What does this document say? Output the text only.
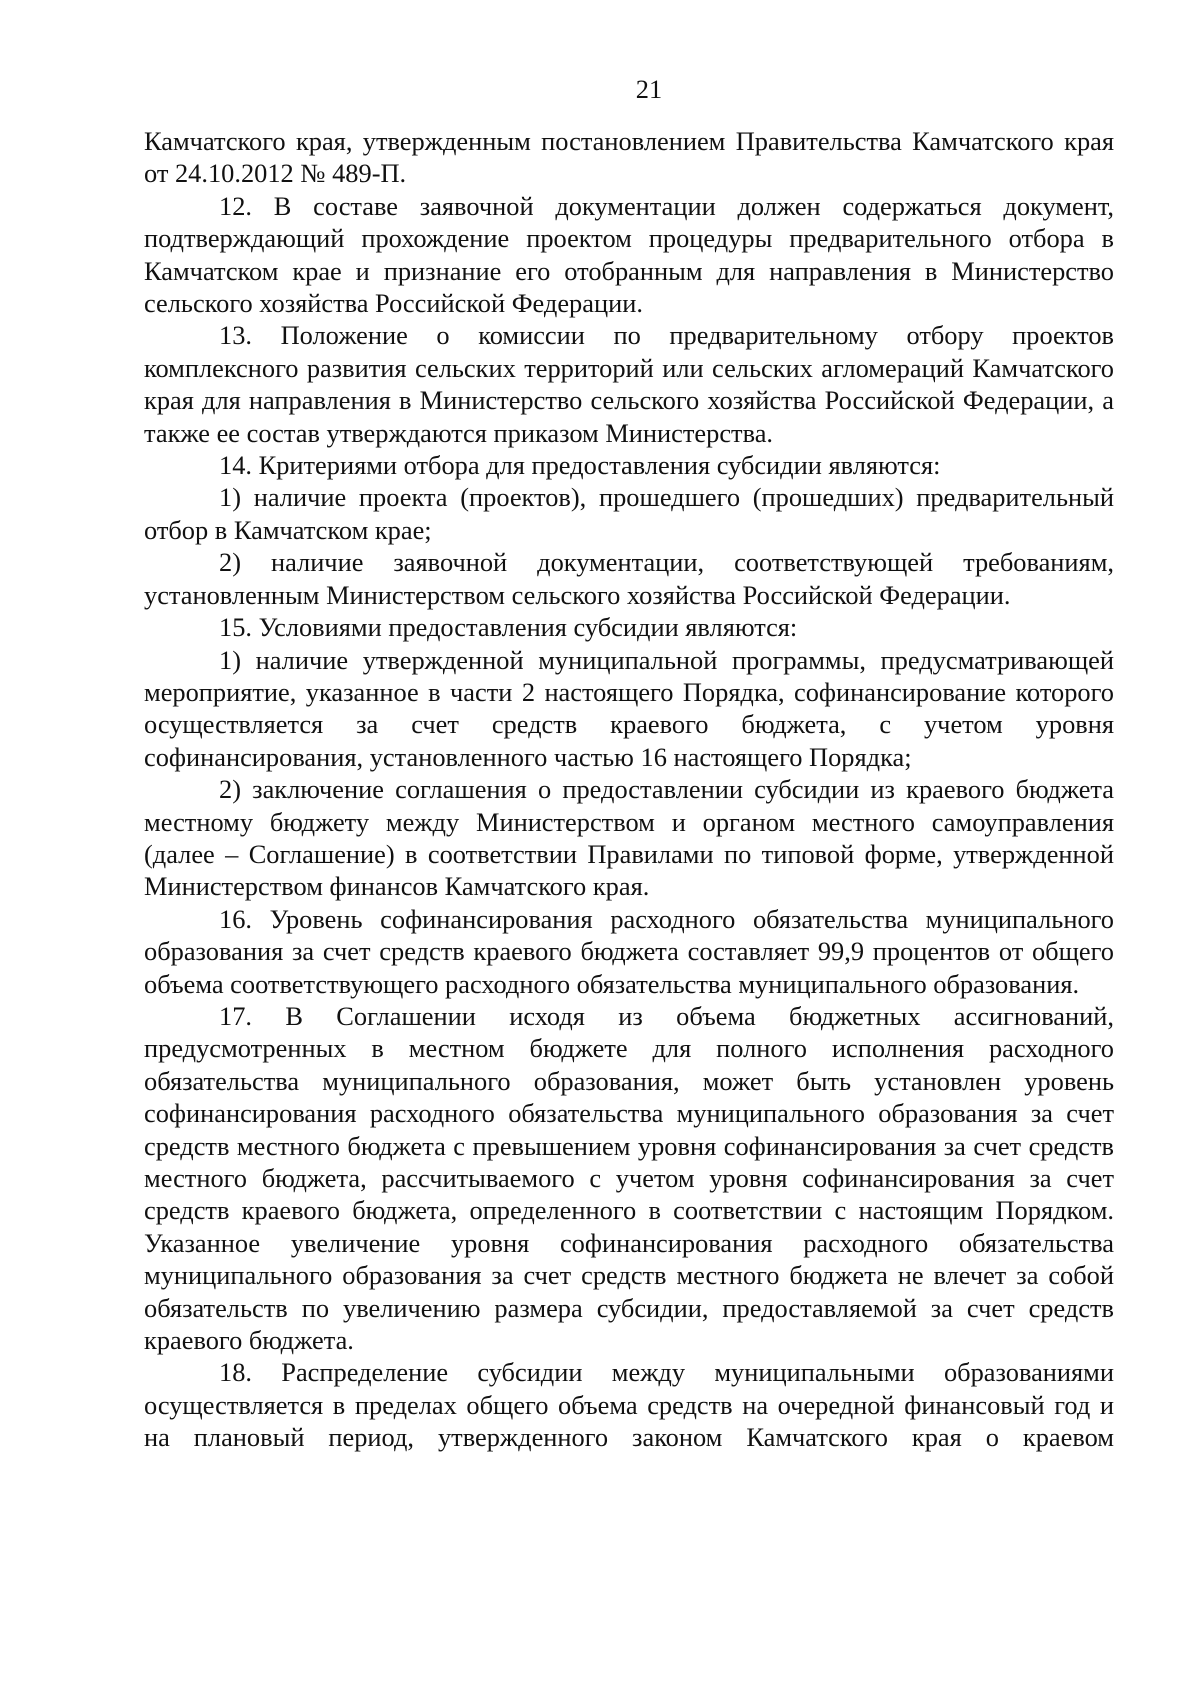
21

Камчатского края, утвержденным постановлением Правительства Камчатского края от 24.10.2012 № 489-П.

12. В составе заявочной документации должен содержаться документ, подтверждающий прохождение проектом процедуры предварительного отбора в Камчатском крае и признание его отобранным для направления в Министерство сельского хозяйства Российской Федерации.

13. Положение о комиссии по предварительному отбору проектов комплексного развития сельских территорий или сельских агломераций Камчатского края для направления в Министерство сельского хозяйства Российской Федерации, а также ее состав утверждаются приказом Министерства.

14. Критериями отбора для предоставления субсидии являются:

1) наличие проекта (проектов), прошедшего (прошедших) предварительный отбор в Камчатском крае;

2) наличие заявочной документации, соответствующей требованиям, установленным Министерством сельского хозяйства Российской Федерации.

15. Условиями предоставления субсидии являются:

1) наличие утвержденной муниципальной программы, предусматривающей мероприятие, указанное в части 2 настоящего Порядка, софинансирование которого осуществляется за счет средств краевого бюджета, с учетом уровня софинансирования, установленного частью 16 настоящего Порядка;

2) заключение соглашения о предоставлении субсидии из краевого бюджета местному бюджету между Министерством и органом местного самоуправления (далее – Соглашение) в соответствии Правилами по типовой форме, утвержденной Министерством финансов Камчатского края.

16. Уровень софинансирования расходного обязательства муниципального образования за счет средств краевого бюджета составляет 99,9 процентов от общего объема соответствующего расходного обязательства муниципального образования.

17. В Соглашении исходя из объема бюджетных ассигнований, предусмотренных в местном бюджете для полного исполнения расходного обязательства муниципального образования, может быть установлен уровень софинансирования расходного обязательства муниципального образования за счет средств местного бюджета с превышением уровня софинансирования за счет средств местного бюджета, рассчитываемого с учетом уровня софинансирования за счет средств краевого бюджета, определенного в соответствии с настоящим Порядком. Указанное увеличение уровня софинансирования расходного обязательства муниципального образования за счет средств местного бюджета не влечет за собой обязательств по увеличению размера субсидии, предоставляемой за счет средств краевого бюджета.

18. Распределение субсидии между муниципальными образованиями осуществляется в пределах общего объема средств на очередной финансовый год и на плановый период, утвержденного законом Камчатского края о краевом
